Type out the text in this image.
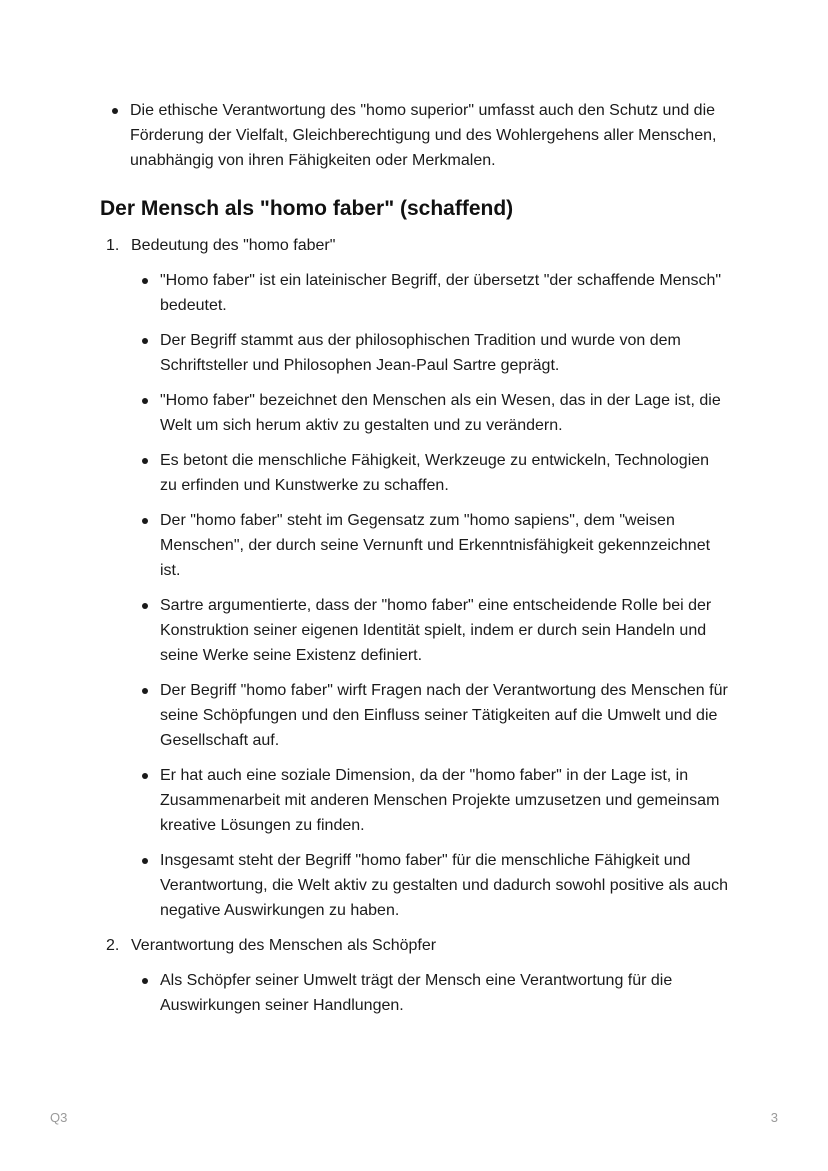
Die ethische Verantwortung des "homo superior" umfasst auch den Schutz und die Förderung der Vielfalt, Gleichberechtigung und des Wohlergehens aller Menschen, unabhängig von ihren Fähigkeiten oder Merkmalen.
Der Mensch als "homo faber" (schaffend)
1. Bedeutung des "homo faber"
"Homo faber" ist ein lateinischer Begriff, der übersetzt "der schaffende Mensch" bedeutet.
Der Begriff stammt aus der philosophischen Tradition und wurde von dem Schriftsteller und Philosophen Jean-Paul Sartre geprägt.
"Homo faber" bezeichnet den Menschen als ein Wesen, das in der Lage ist, die Welt um sich herum aktiv zu gestalten und zu verändern.
Es betont die menschliche Fähigkeit, Werkzeuge zu entwickeln, Technologien zu erfinden und Kunstwerke zu schaffen.
Der "homo faber" steht im Gegensatz zum "homo sapiens", dem "weisen Menschen", der durch seine Vernunft und Erkenntnisfähigkeit gekennzeichnet ist.
Sartre argumentierte, dass der "homo faber" eine entscheidende Rolle bei der Konstruktion seiner eigenen Identität spielt, indem er durch sein Handeln und seine Werke seine Existenz definiert.
Der Begriff "homo faber" wirft Fragen nach der Verantwortung des Menschen für seine Schöpfungen und den Einfluss seiner Tätigkeiten auf die Umwelt und die Gesellschaft auf.
Er hat auch eine soziale Dimension, da der "homo faber" in der Lage ist, in Zusammenarbeit mit anderen Menschen Projekte umzusetzen und gemeinsam kreative Lösungen zu finden.
Insgesamt steht der Begriff "homo faber" für die menschliche Fähigkeit und Verantwortung, die Welt aktiv zu gestalten und dadurch sowohl positive als auch negative Auswirkungen zu haben.
2. Verantwortung des Menschen als Schöpfer
Als Schöpfer seiner Umwelt trägt der Mensch eine Verantwortung für die Auswirkungen seiner Handlungen.
Q3	3
